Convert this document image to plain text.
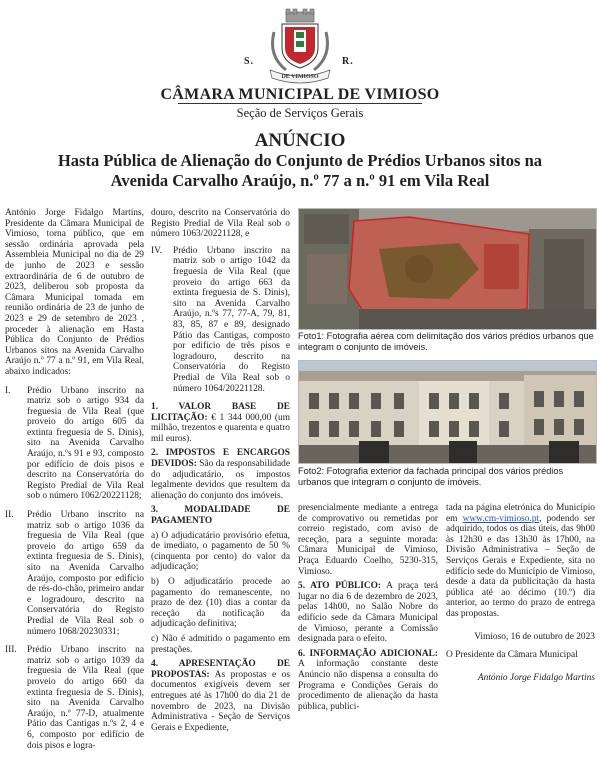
DE VIMIOSO
S.	R.
CÂMARA MUNICIPAL DE VIMIOSO
Seção de Serviços Gerais
ANÚNCIO
Hasta Pública de Alienação do Conjunto de Prédios Urbanos sitos na Avenida Carvalho Araújo, n.º 77 a n.º 91 em Vila Real

António Jorge Fidalgo Martins, Presidente da Câmara Municipal de Vimioso, torna público, que em sessão ordinária aprovada pela Assembleia Municipal no dia de 29 de junho de 2023 e sessão extraordinária de 6 de outubro de 2023, deliberou sob proposta da Câmara Municipal tomada em reunião ordinária de 23 de junho de 2023 e 29 de setembro de 2023 , proceder à alienação em Hasta Pública do Conjunto de Prédios Urbanos sitos na Avenida Carvalho Araújo n.º 77 a n.º 91, em Vila Real, abaixo indicados:

I.	Prédio Urbano inscrito na matriz sob o artigo 934 da freguesia de Vila Real (que proveio do artigo 605 da extinta freguesia de S. Dinis), sito na Avenida Carvalho Araújo, n.ºs 91 e 93, composto por edifício de dois pisos e descrito na Conservatória do Registo Predial de Vila Real sob o número 1062/20221128;
II.	Prédio Urbano inscrito na matriz sob o artigo 1036 da freguesia de Vila Real (que proveio do artigo 659 da extinta freguesia de S. Dinis), sito na Avenida Carvalho Araújo, composto por edifício de rés-do-chão, primeiro andar e logradouro, descrito na Conservatória do Registo Predial de Vila Real sob o número 1068/20230331;
III.	Prédio Urbano inscrito na matriz sob o artigo 1039 da freguesia de Vila Real (que proveio do artigo 660 da extinta freguesia de S. Dinis), sito na Avenida Carvalho Araújo, n.º 77-D, atualmente Pátio das Cantigas n.ºs 2, 4 e 6, composto por edifício de dois pisos e logra-

douro, descrito na Conservatória do Registo Predial de Vila Real sob o número 1063/20221128, e

IV.	Prédio Urbano inscrito na matriz sob o artigo 1042 da freguesia de Vila Real (que proveio do artigo 663 da extinta freguesia de S. Dinis), sito na Avenida Carvalho Araújo, n.ºs 77, 77-A, 79, 81, 83, 85, 87 e 89, designado Pátio das Cantigas, composto por edifício de três pisos e logradouro, descrito na Conservatória do Registo Predial de Vila Real sob o número 1064/20221128.

1. VALOR BASE DE LICITAÇÃO: € 1 344 000,00 (um milhão, trezentos e quarenta e quatro mil euros).

2. IMPOSTOS E ENCARGOS DEVIDOS: São da responsabilidade do adjudicatário, os impostos legalmente devidos que resultem da alienação do conjunto dos imóveis.

3. MODALIDADE DE PAGAMENTO

a) O adjudicatário provisório efetua, de imediato, o pagamento de 50 % (cinquenta por cento) do valor da adjudicação;

b) O adjudicatário procede ao pagamento do remanescente, no prazo de dez (10) dias a contar da receção da notificação da adjudicação definitiva;

c) Não é admitido o pagamento em prestações.

4. APRESENTAÇÃO DE PROPOSTAS: As propostas e os documentos exigíveis devem ser entregues até às 17h00 do dia 21 de novembro de 2023, na Divisão Administrativa - Seção de Serviços Gerais e Expediente,

Foto1: Fotografia aérea com delimitação dos vários prédios urbanos que integram o conjunto de imóveis.
Foto2: Fotografia exterior da fachada principal dos vários prédios urbanos que integram o conjunto de imóveis.

presencialmente mediante a entrega de comprovativo ou remetidas por correio registado, com aviso de receção, para a seguinte morada: Câmara Municipal de Vimioso, Praça Eduardo Coelho, 5230-315, Vimioso.

5. ATO PÚBLICO: A praça terá lugar no dia 6 de dezembro de 2023, pelas 14h00, no Salão Nobre do edifício sede da Câmara Municipal de Vimioso, perante a Comissão designada para o efeito.

6. INFORMAÇÃO ADICIONAL: A informação constante deste Anúncio não dispensa a consulta do Programa e Condições Gerais do procedimento de alienação da hasta pública, publici-

tada na página eletrónica do Município em www.cm-vimioso.pt, podendo ser adquirido, todos os dias úteis, das 9h00 às 12h30 e das 13h30 às 17h00, na Divisão Administrativa – Seção de Serviços Gerais e Expediente, sita no edifício sede do Município de Vimioso, desde a data da publicitação da hasta pública até ao décimo (10.º) dia anterior, ao termo do prazo de entrega das propostas.

Vimioso, 16 de outubro de 2023

O Presidente da Câmara Municipal

António Jorge Fidalgo Martins
